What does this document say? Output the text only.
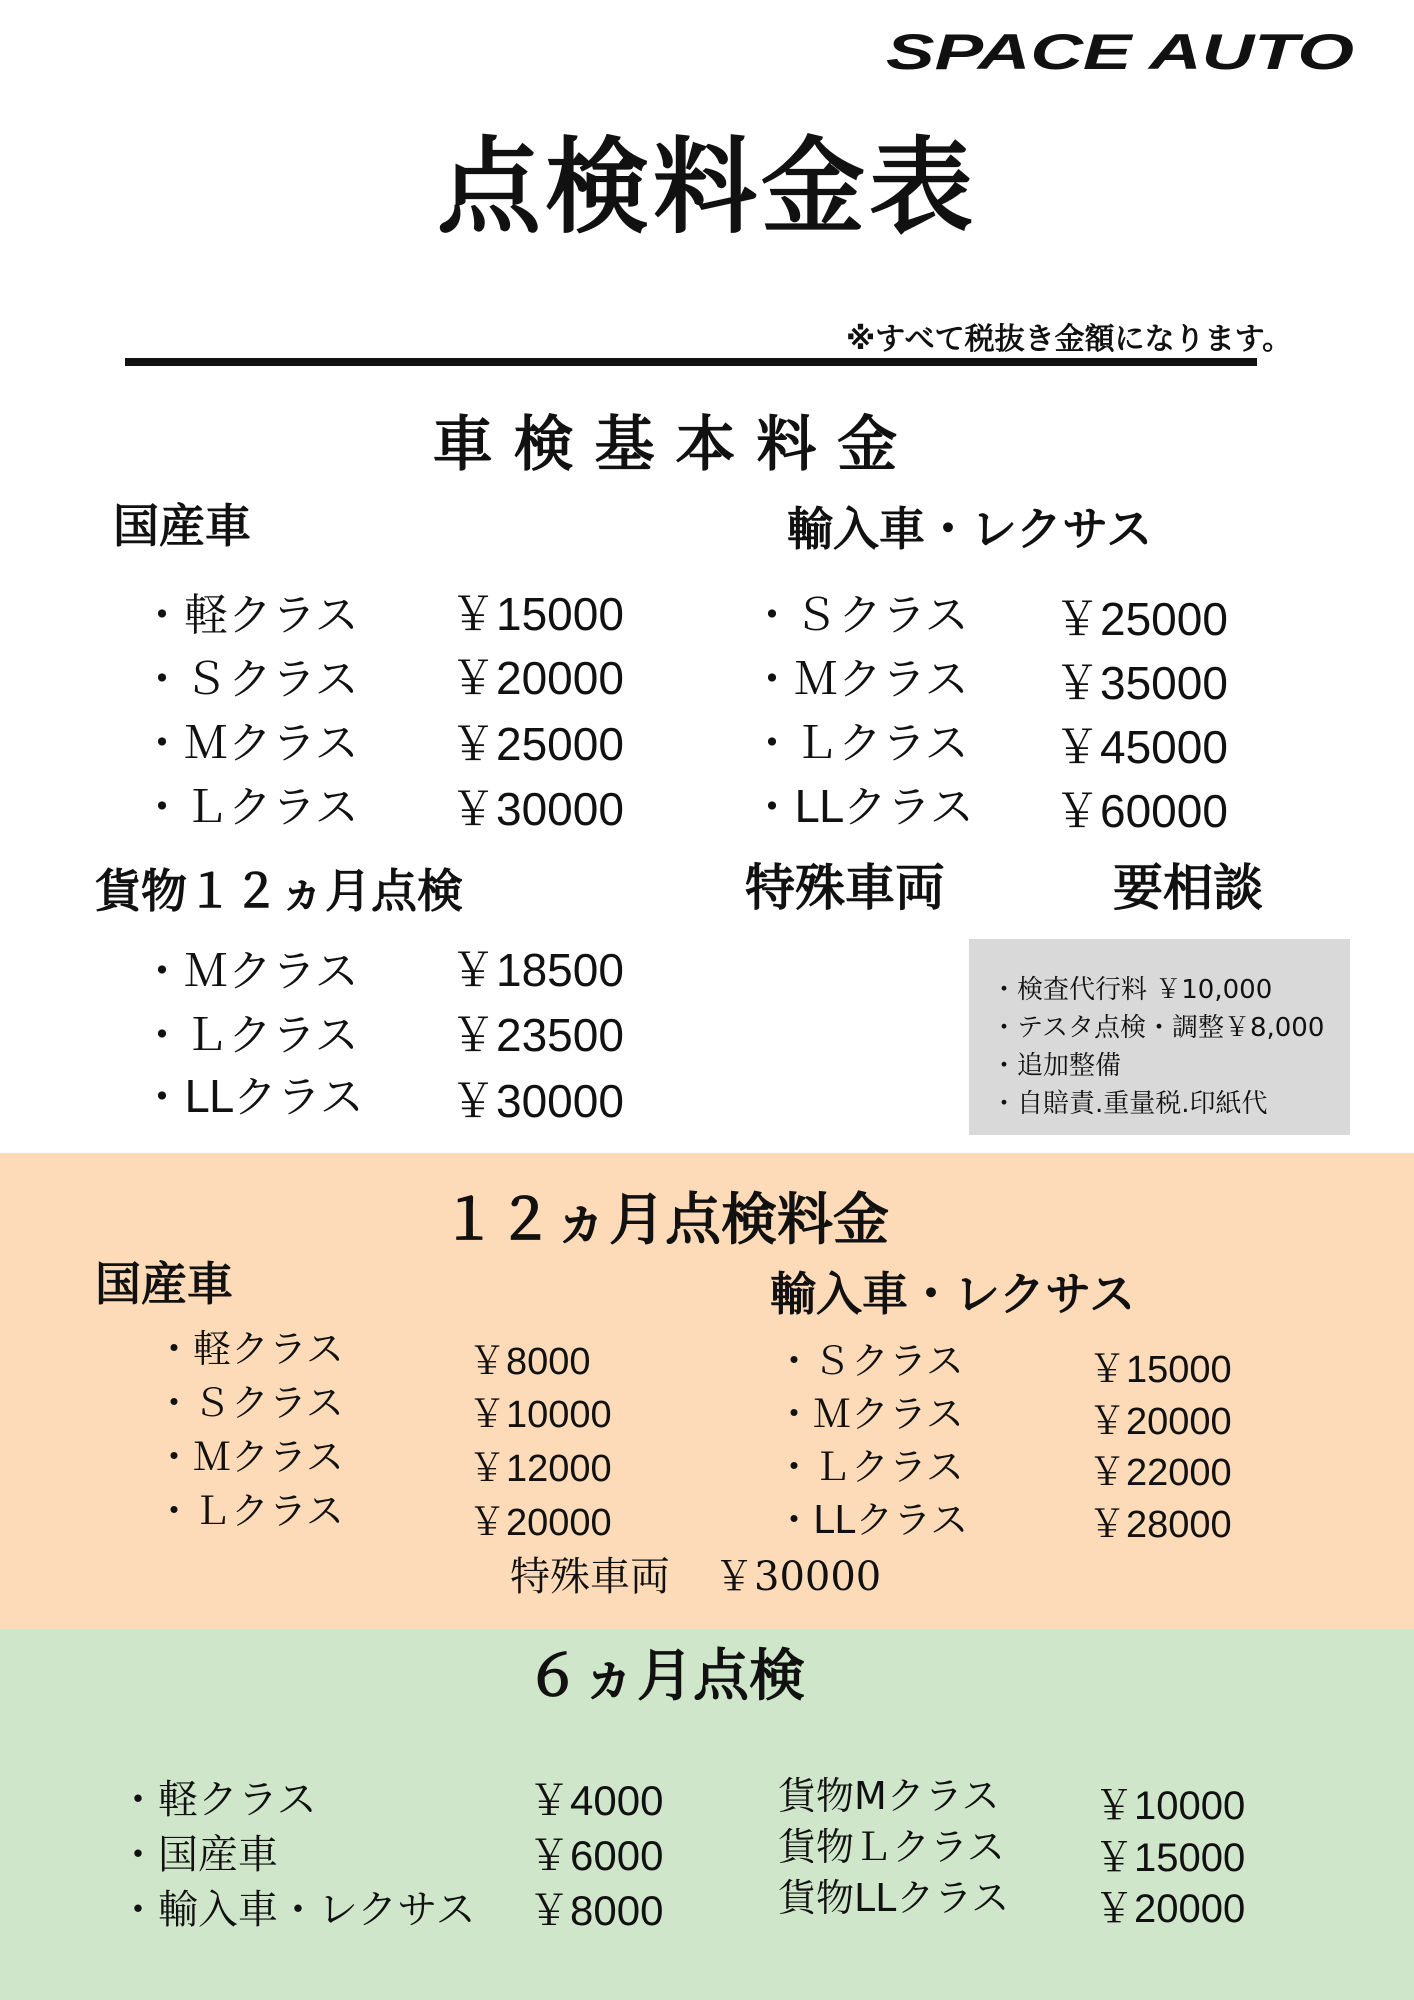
SPACE AUTO
点検料金表
※すべて税抜き金額になります。
車 検 基 本 料 金
国産車	輸入車・レクサス
・軽クラス ￥15000
・Ｓクラス ￥20000
・Ｍクラス ￥25000
・Ｌクラス ￥30000
・Ｓクラス ￥25000
・Ｍクラス ￥35000
・Ｌクラス ￥45000
・LLクラス ￥60000
貨物１２ヵ月点検	特殊車両	要相談
・Ｍクラス ￥18500
・Ｌクラス ￥23500
・LLクラス ￥30000
・検査代行料 ￥10,000
・テスタ点検・調整￥8,000
・追加整備
・自賠責.重量税.印紙代
１２ヵ月点検料金
国産車	輸入車・レクサス
・軽クラス	￥8000
・Ｓクラス	￥10000
・Ｍクラス	￥12000
・Ｌクラス	￥20000
・Ｓクラス	￥15000
・Ｍクラス	￥20000
・Ｌクラス	￥22000
・LLクラス	￥28000
特殊車両 ￥30000
６ヵ月点検
・軽クラス	￥4000
・国産車	￥6000
・輸入車・レクサス ￥8000
貨物Mクラス ￥10000
貨物Ｌクラス ￥15000
貨物LLクラス ￥20000
